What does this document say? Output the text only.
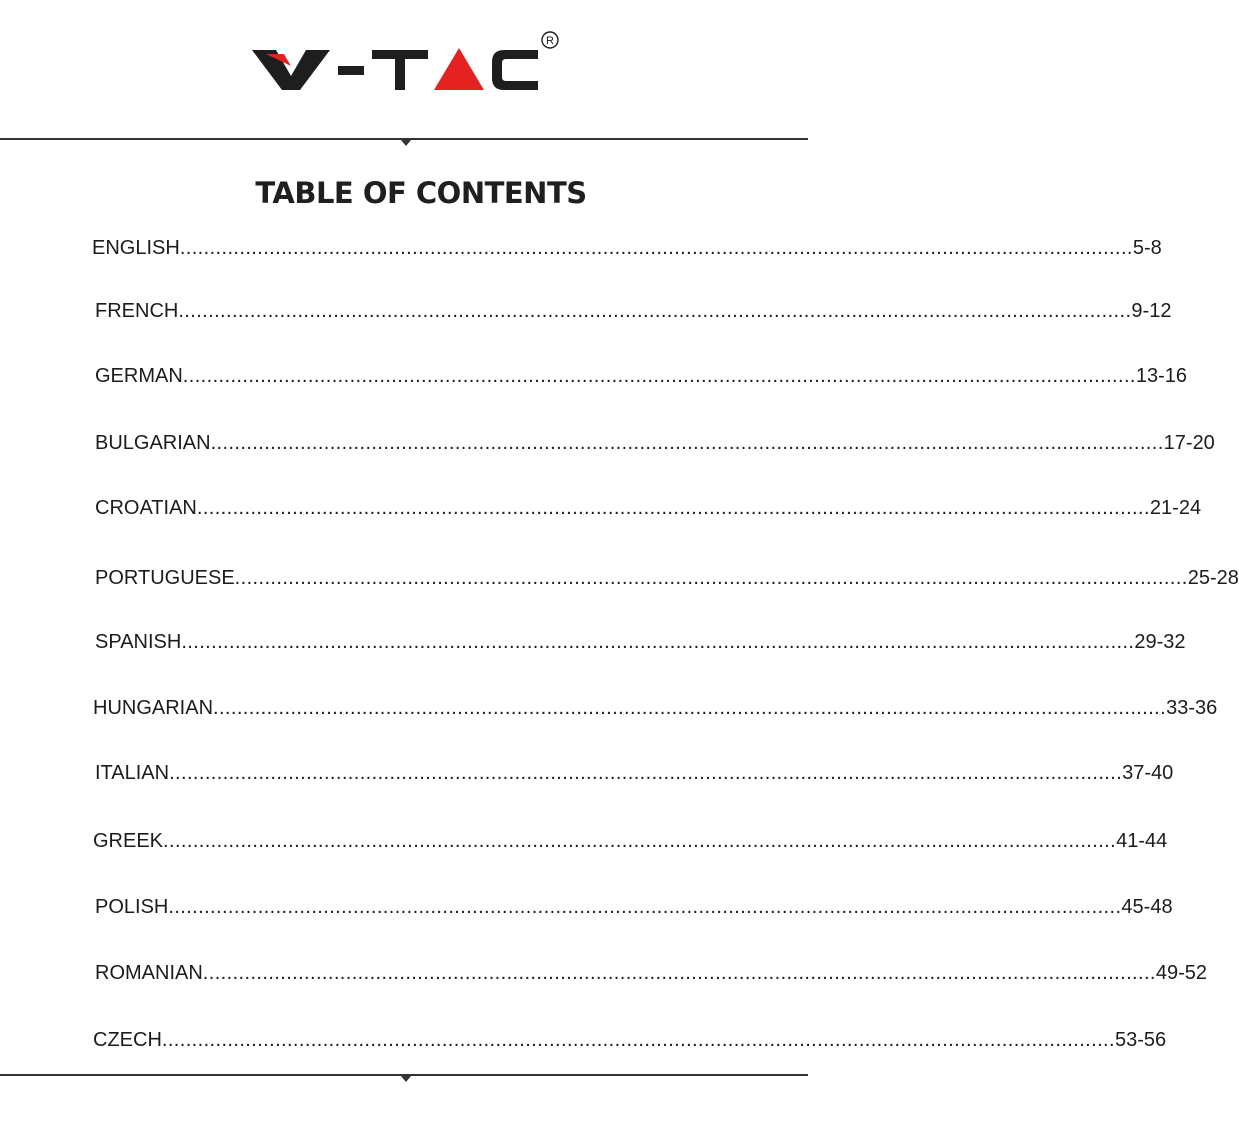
R
TABLE OF CONTENTS
ENGLISH ................................................................................................................................................................ 5-8
FRENCH ................................................................................................................................................................ 9-12
GERMAN ................................................................................................................................................................ 13-16
BULGARIAN ................................................................................................................................................................ 17-20
CROATIAN ................................................................................................................................................................ 21-24
PORTUGUESE ................................................................................................................................................................ 25-28
SPANISH ................................................................................................................................................................ 29-32
HUNGARIAN ................................................................................................................................................................ 33-36
ITALIAN ................................................................................................................................................................ 37-40
GREEK ................................................................................................................................................................ 41-44
POLISH ................................................................................................................................................................ 45-48
ROMANIAN ................................................................................................................................................................ 49-52
CZECH ................................................................................................................................................................ 53-56
